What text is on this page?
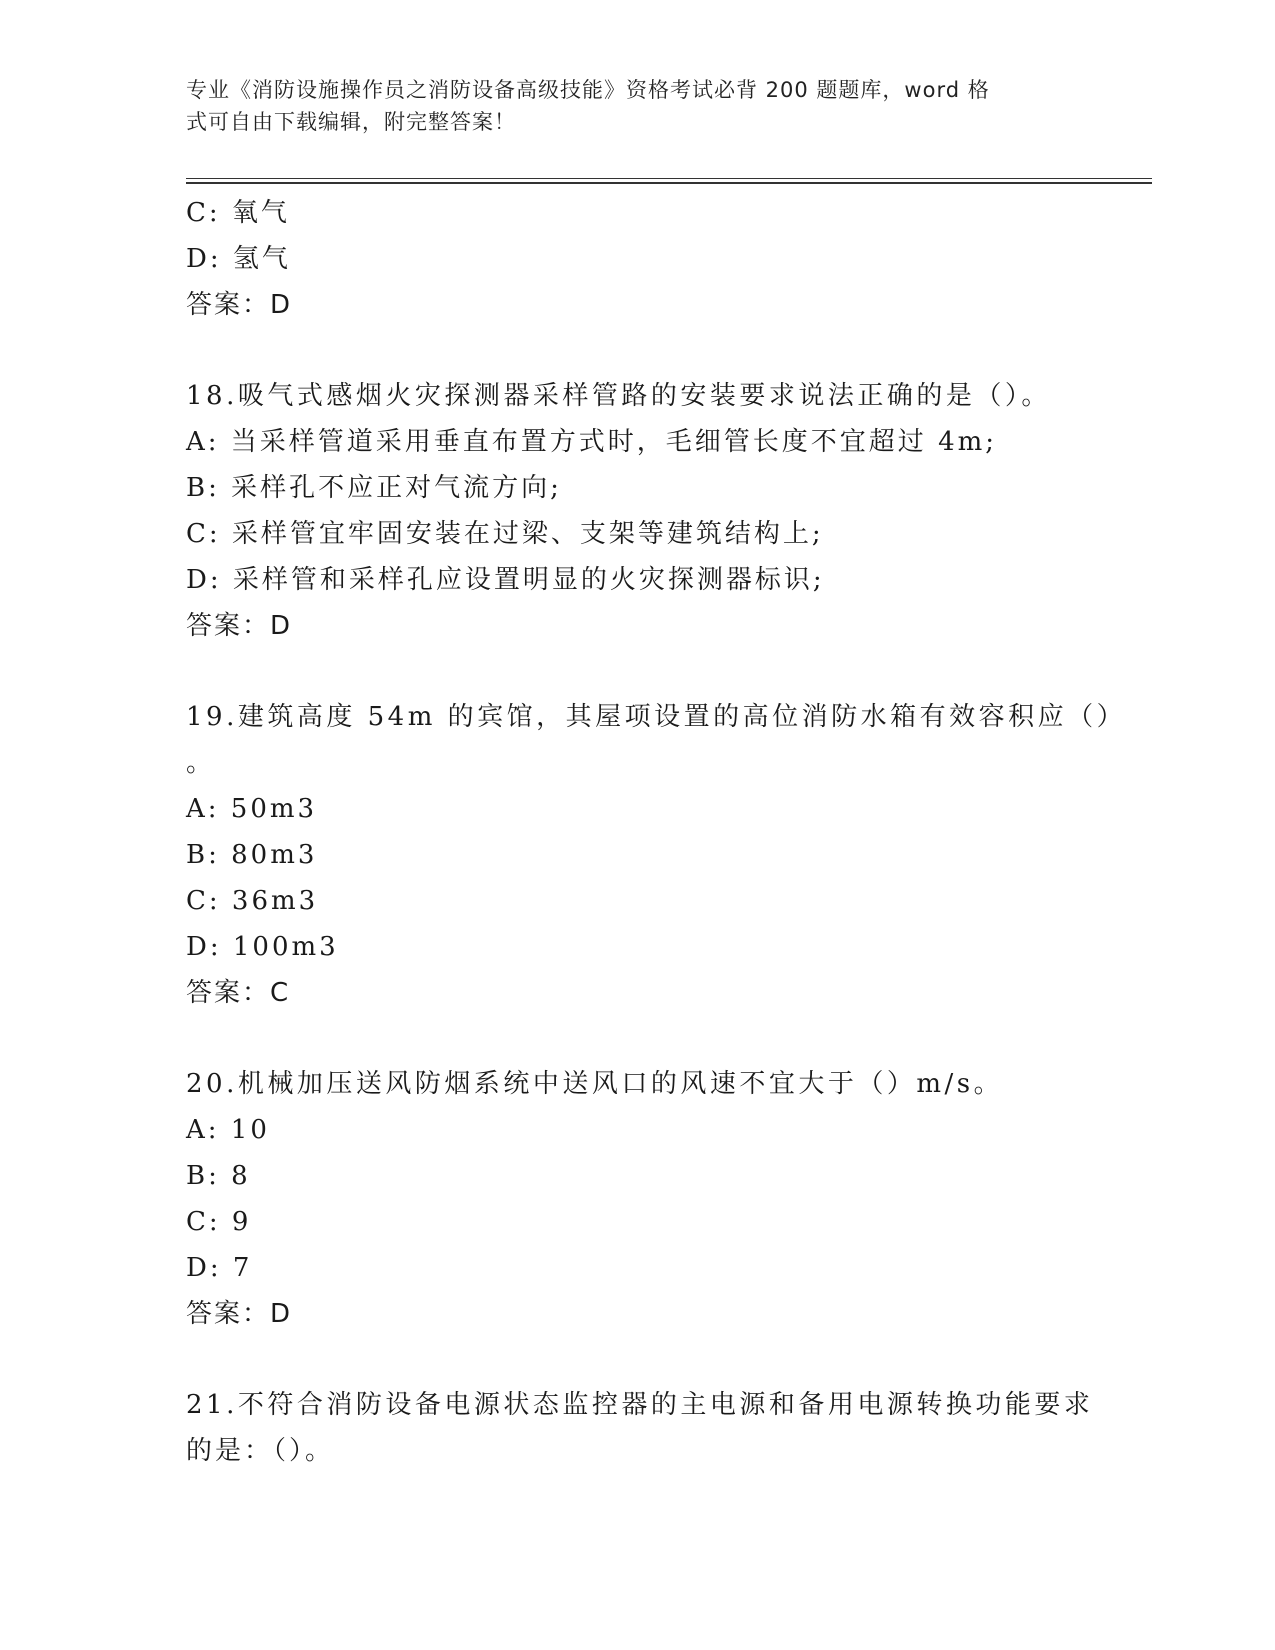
专业《消防设施操作员之消防设备高级技能》资格考试必背 200 题题库，word 格
式可自由下载编辑，附完整答案！
C: 氧气
D: 氢气
答案：D
18.吸气式感烟火灾探测器采样管路的安装要求说法正确的是（）。
A: 当采样管道采用垂直布置方式时，毛细管长度不宜超过 4m;
B: 采样孔不应正对气流方向;
C: 采样管宜牢固安装在过梁、支架等建筑结构上;
D: 采样管和采样孔应设置明显的火灾探测器标识;
答案：D
19.建筑高度 54m 的宾馆，其屋项设置的高位消防水箱有效容积应（）
。
A: 50m3
B: 80m3
C: 36m3
D: 100m3
答案：C
20.机械加压送风防烟系统中送风口的风速不宜大于（）m/s。
A: 10
B: 8
C: 9
D: 7
答案：D
21.不符合消防设备电源状态监控器的主电源和备用电源转换功能要求
的是：（）。
